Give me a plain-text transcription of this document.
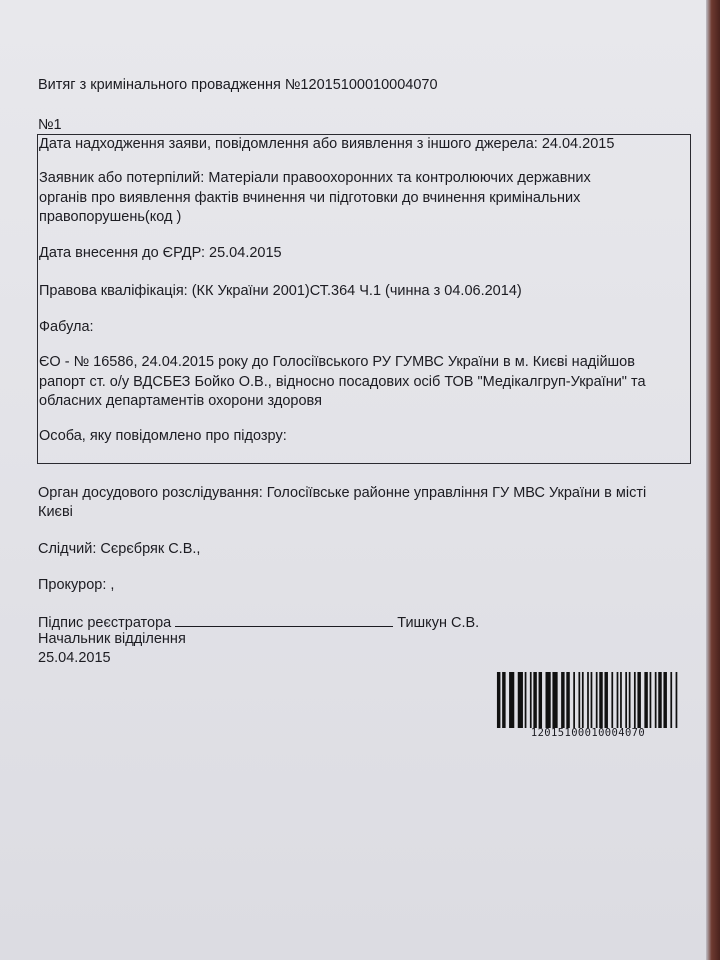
Витяг з кримінального провадження №12015100010004070
№1
Дата надходження заяви, повідомлення або виявлення з іншого джерела: 24.04.2015
Заявник або потерпілий: Матеріали правоохоронних та контролюючих державних
органів про виявлення фактів вчинення чи підготовки до вчинення кримінальних
правопорушень(код )
Дата внесення до ЄРДР: 25.04.2015
Правова кваліфікація: (КК України 2001)СТ.364 Ч.1 (чинна з 04.06.2014)
Фабула:
ЄО - № 16586, 24.04.2015 року до Голосіївського РУ ГУМВС України в м. Києві надійшов
рапорт ст. о/у ВДСБЕЗ Бойко О.В., відносно посадових осіб ТОВ "Медікалгруп-України" та
обласних департаментів охорони здоровя
Особа, яку повідомлено про підозру:
Орган досудового розслідування: Голосіївське районне управління ГУ МВС України в місті
Києві
Слідчий: Сєрєбряк С.В.,
Прокурор: ,
Підпис реєстратора	Тишкун С.В.
Начальник відділення
25.04.2015
12015100010004070
